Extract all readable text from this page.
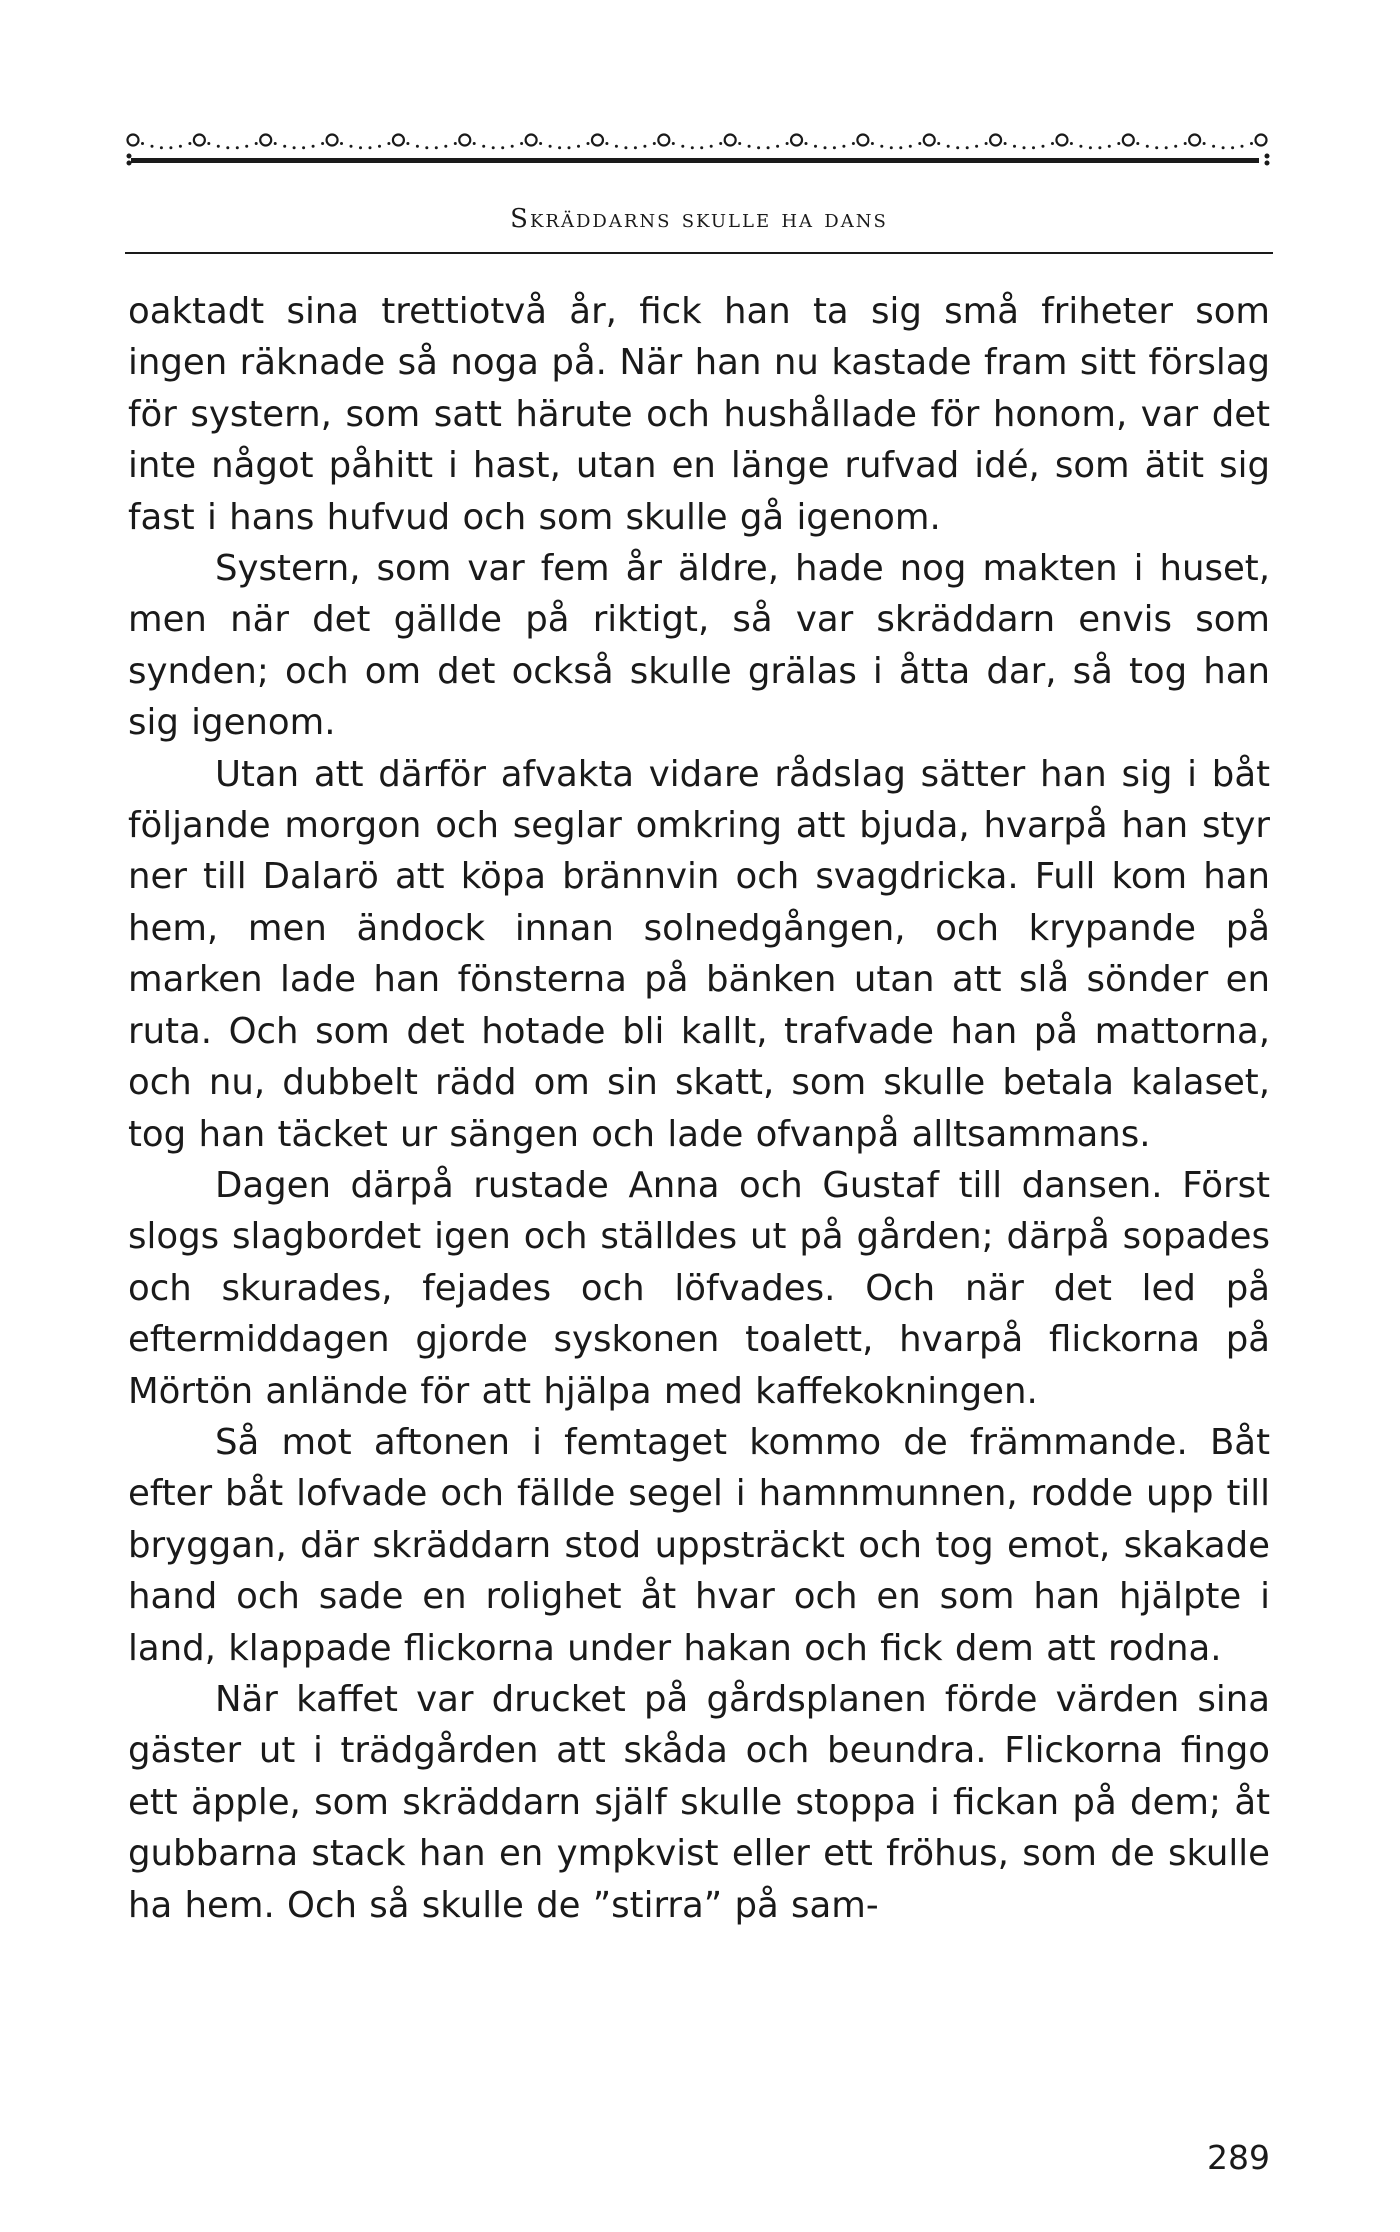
Skräddarns skulle ha dans

oaktadt sina trettiotvå år, fick han ta sig små friheter som ingen räknade så noga på. När han nu kastade fram sitt förslag för systern, som satt härute och hushållade för honom, var det inte något påhitt i hast, utan en länge rufvad idé, som ätit sig fast i hans hufvud och som skulle gå igenom.

Systern, som var fem år äldre, hade nog makten i huset, men när det gällde på riktigt, så var skräddarn envis som synden; och om det också skulle grälas i åtta dar, så tog han sig igenom.

Utan att därför afvakta vidare rådslag sätter han sig i båt följande morgon och seglar omkring att bjuda, hvarpå han styr ner till Dalarö att köpa brännvin och svagdricka. Full kom han hem, men ändock innan solnedgången, och krypande på marken lade han fönsterna på bänken utan att slå sönder en ruta. Och som det hotade bli kallt, trafvade han på mattorna, och nu, dubbelt rädd om sin skatt, som skulle betala kalaset, tog han täcket ur sängen och lade ofvanpå alltsammans.

Dagen därpå rustade Anna och Gustaf till dansen. Först slogs slagbordet igen och ställdes ut på gården; därpå sopades och skurades, fejades och löfvades. Och när det led på eftermiddagen gjorde syskonen toalett, hvarpå flickorna på Mörtön anlände för att hjälpa med kaffekokningen.

Så mot aftonen i femtaget kommo de främmande. Båt efter båt lofvade och fällde segel i hamnmunnen, rodde upp till bryggan, där skräddarn stod uppsträckt och tog emot, skakade hand och sade en rolighet åt hvar och en som han hjälpte i land, klappade flickorna under hakan och fick dem att rodna.

När kaffet var drucket på gårdsplanen förde värden sina gäster ut i trädgården att skåda och beundra. Flickorna fingo ett äpple, som skräddarn själf skulle stoppa i fickan på dem; åt gubbarna stack han en ympkvist eller ett fröhus, som de skulle ha hem. Och så skulle de ”stirra” på sam-

289
